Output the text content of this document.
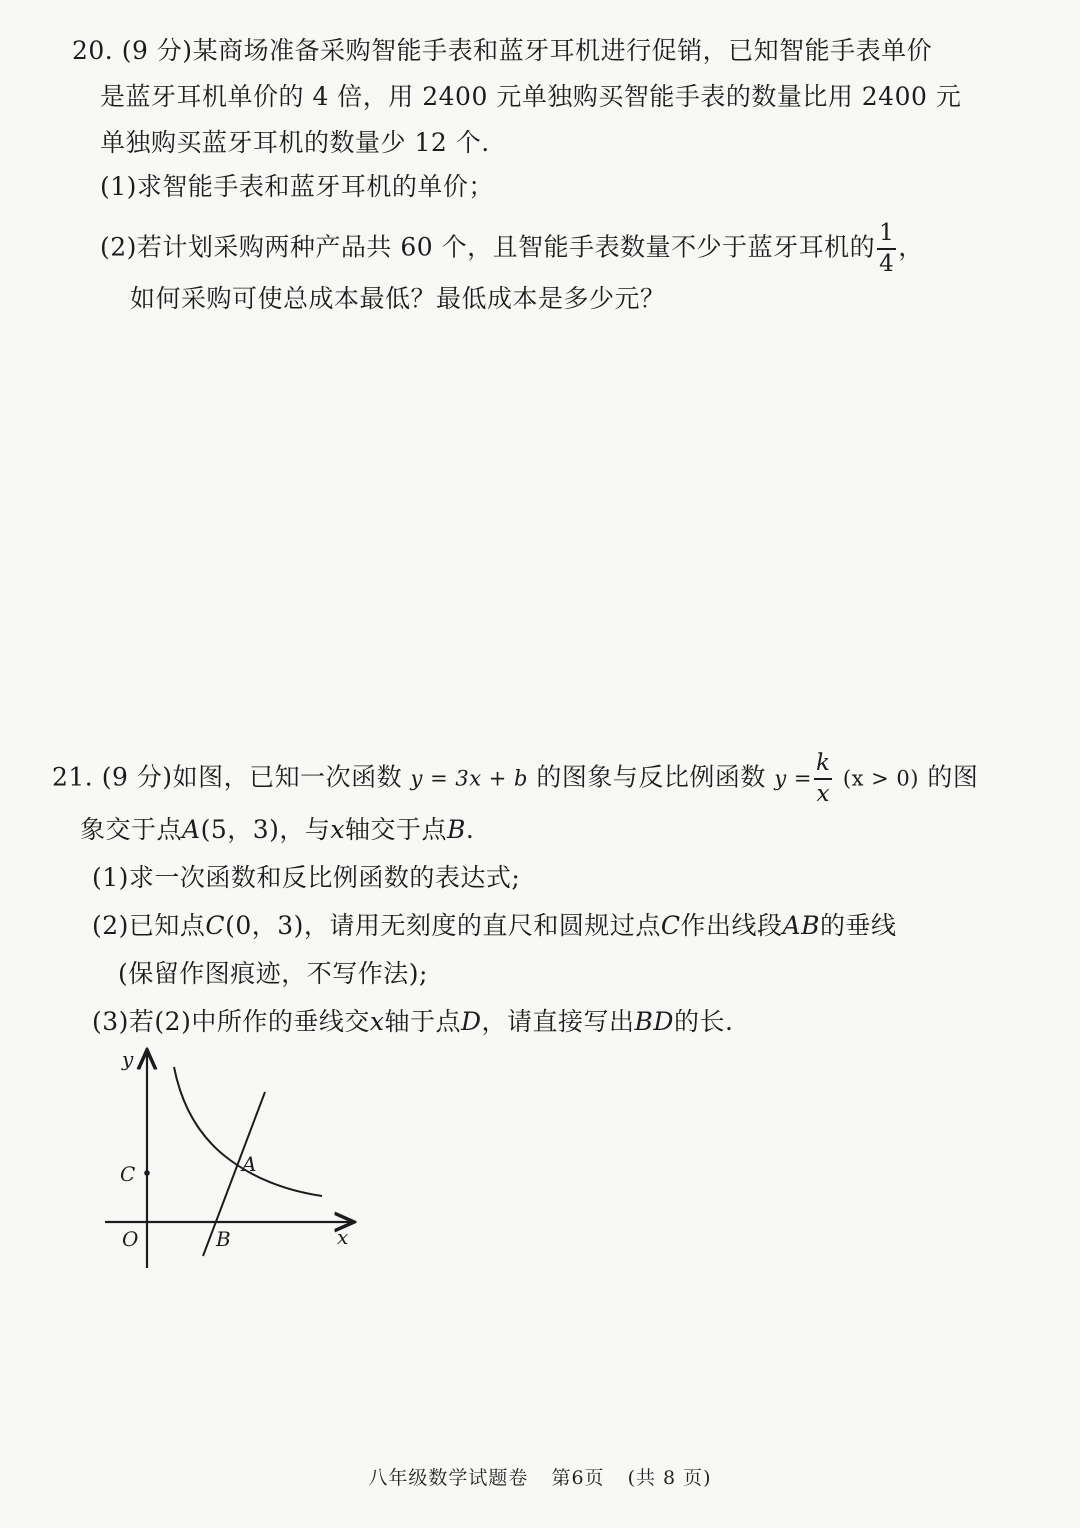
20. (9 分)某商场准备采购智能手表和蓝牙耳机进行促销，已知智能手表单价
是蓝牙耳机单价的 4 倍，用 2400 元单独购买智能手表的数量比用 2400 元
单独购买蓝牙耳机的数量少 12 个.
(1)求智能手表和蓝牙耳机的单价；
(2)若计划采购两种产品共 60 个，且智能手表数量不少于蓝牙耳机的 $\frac{1}{4}$ ，
如何采购可使总成本最低？最低成本是多少元？
21. (9 分)如图，已知一次函数 y = 3x + b 的图象与反比例函数 $y = \frac{k}{x} (x > 0)$ 的图
象交于点A(5，3)，与x轴交于点B.
(1)求一次函数和反比例函数的表达式;
(2)已知点C(0，3)，请用无刻度的直尺和圆规过点C作出线段AB的垂线
(保留作图痕迹，不写作法);
(3)若(2)中所作的垂线交x轴于点D，请直接写出BD的长.
y
x
O
C	A
B
八年级数学试题卷 第6页 (共 8 页)
